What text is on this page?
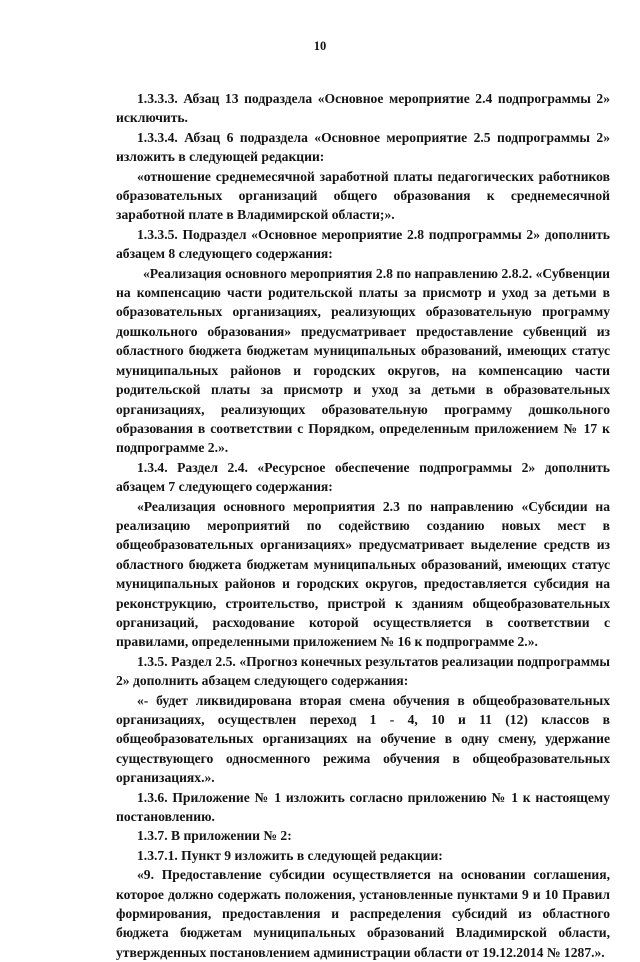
10

1.3.3.3. Абзац 13 подраздела «Основное мероприятие 2.4 подпрограммы 2» исключить.

1.3.3.4. Абзац 6 подраздела «Основное мероприятие 2.5 подпрограммы 2» изложить в следующей редакции:

«отношение среднемесячной заработной платы педагогических работников образовательных организаций общего образования к среднемесячной заработной плате в Владимирской области;».

1.3.3.5. Подраздел «Основное мероприятие 2.8 подпрограммы 2» дополнить абзацем 8 следующего содержания:

«Реализация основного мероприятия 2.8 по направлению 2.8.2. «Субвенции на компенсацию части родительской платы за присмотр и уход за детьми в образовательных организациях, реализующих образовательную программу дошкольного образования» предусматривает предоставление субвенций из областного бюджета бюджетам муниципальных образований, имеющих статус муниципальных районов и городских округов, на компенсацию части родительской платы за присмотр и уход за детьми в образовательных организациях, реализующих образовательную программу дошкольного образования в соответствии с Порядком, определенным приложением № 17 к подпрограмме 2.».

1.3.4. Раздел 2.4. «Ресурсное обеспечение подпрограммы 2» дополнить абзацем 7 следующего содержания:

«Реализация основного мероприятия 2.3 по направлению «Субсидии на реализацию мероприятий по содействию созданию новых мест в общеобразовательных организациях» предусматривает выделение средств из областного бюджета бюджетам муниципальных образований, имеющих статус муниципальных районов и городских округов, предоставляется субсидия на реконструкцию, строительство, пристрой к зданиям общеобразовательных организаций, расходование которой осуществляется в соответствии с правилами, определенными приложением № 16 к подпрограмме 2.».

1.3.5. Раздел 2.5. «Прогноз конечных результатов реализации подпрограммы 2» дополнить абзацем следующего содержания:

«- будет ликвидирована вторая смена обучения в общеобразовательных организациях, осуществлен переход 1 - 4, 10 и 11 (12) классов в общеобразовательных организациях на обучение в одну смену, удержание существующего односменного режима обучения в общеобразовательных организациях.».

1.3.6. Приложение № 1 изложить согласно приложению № 1 к настоящему постановлению.

1.3.7. В приложении № 2:

1.3.7.1. Пункт 9 изложить в следующей редакции:

«9. Предоставление субсидии осуществляется на основании соглашения, которое должно содержать положения, установленные пунктами 9 и 10 Правил формирования, предоставления и распределения субсидий из областного бюджета бюджетам муниципальных образований Владимирской области, утвержденных постановлением администрации области от 19.12.2014 № 1287.».
